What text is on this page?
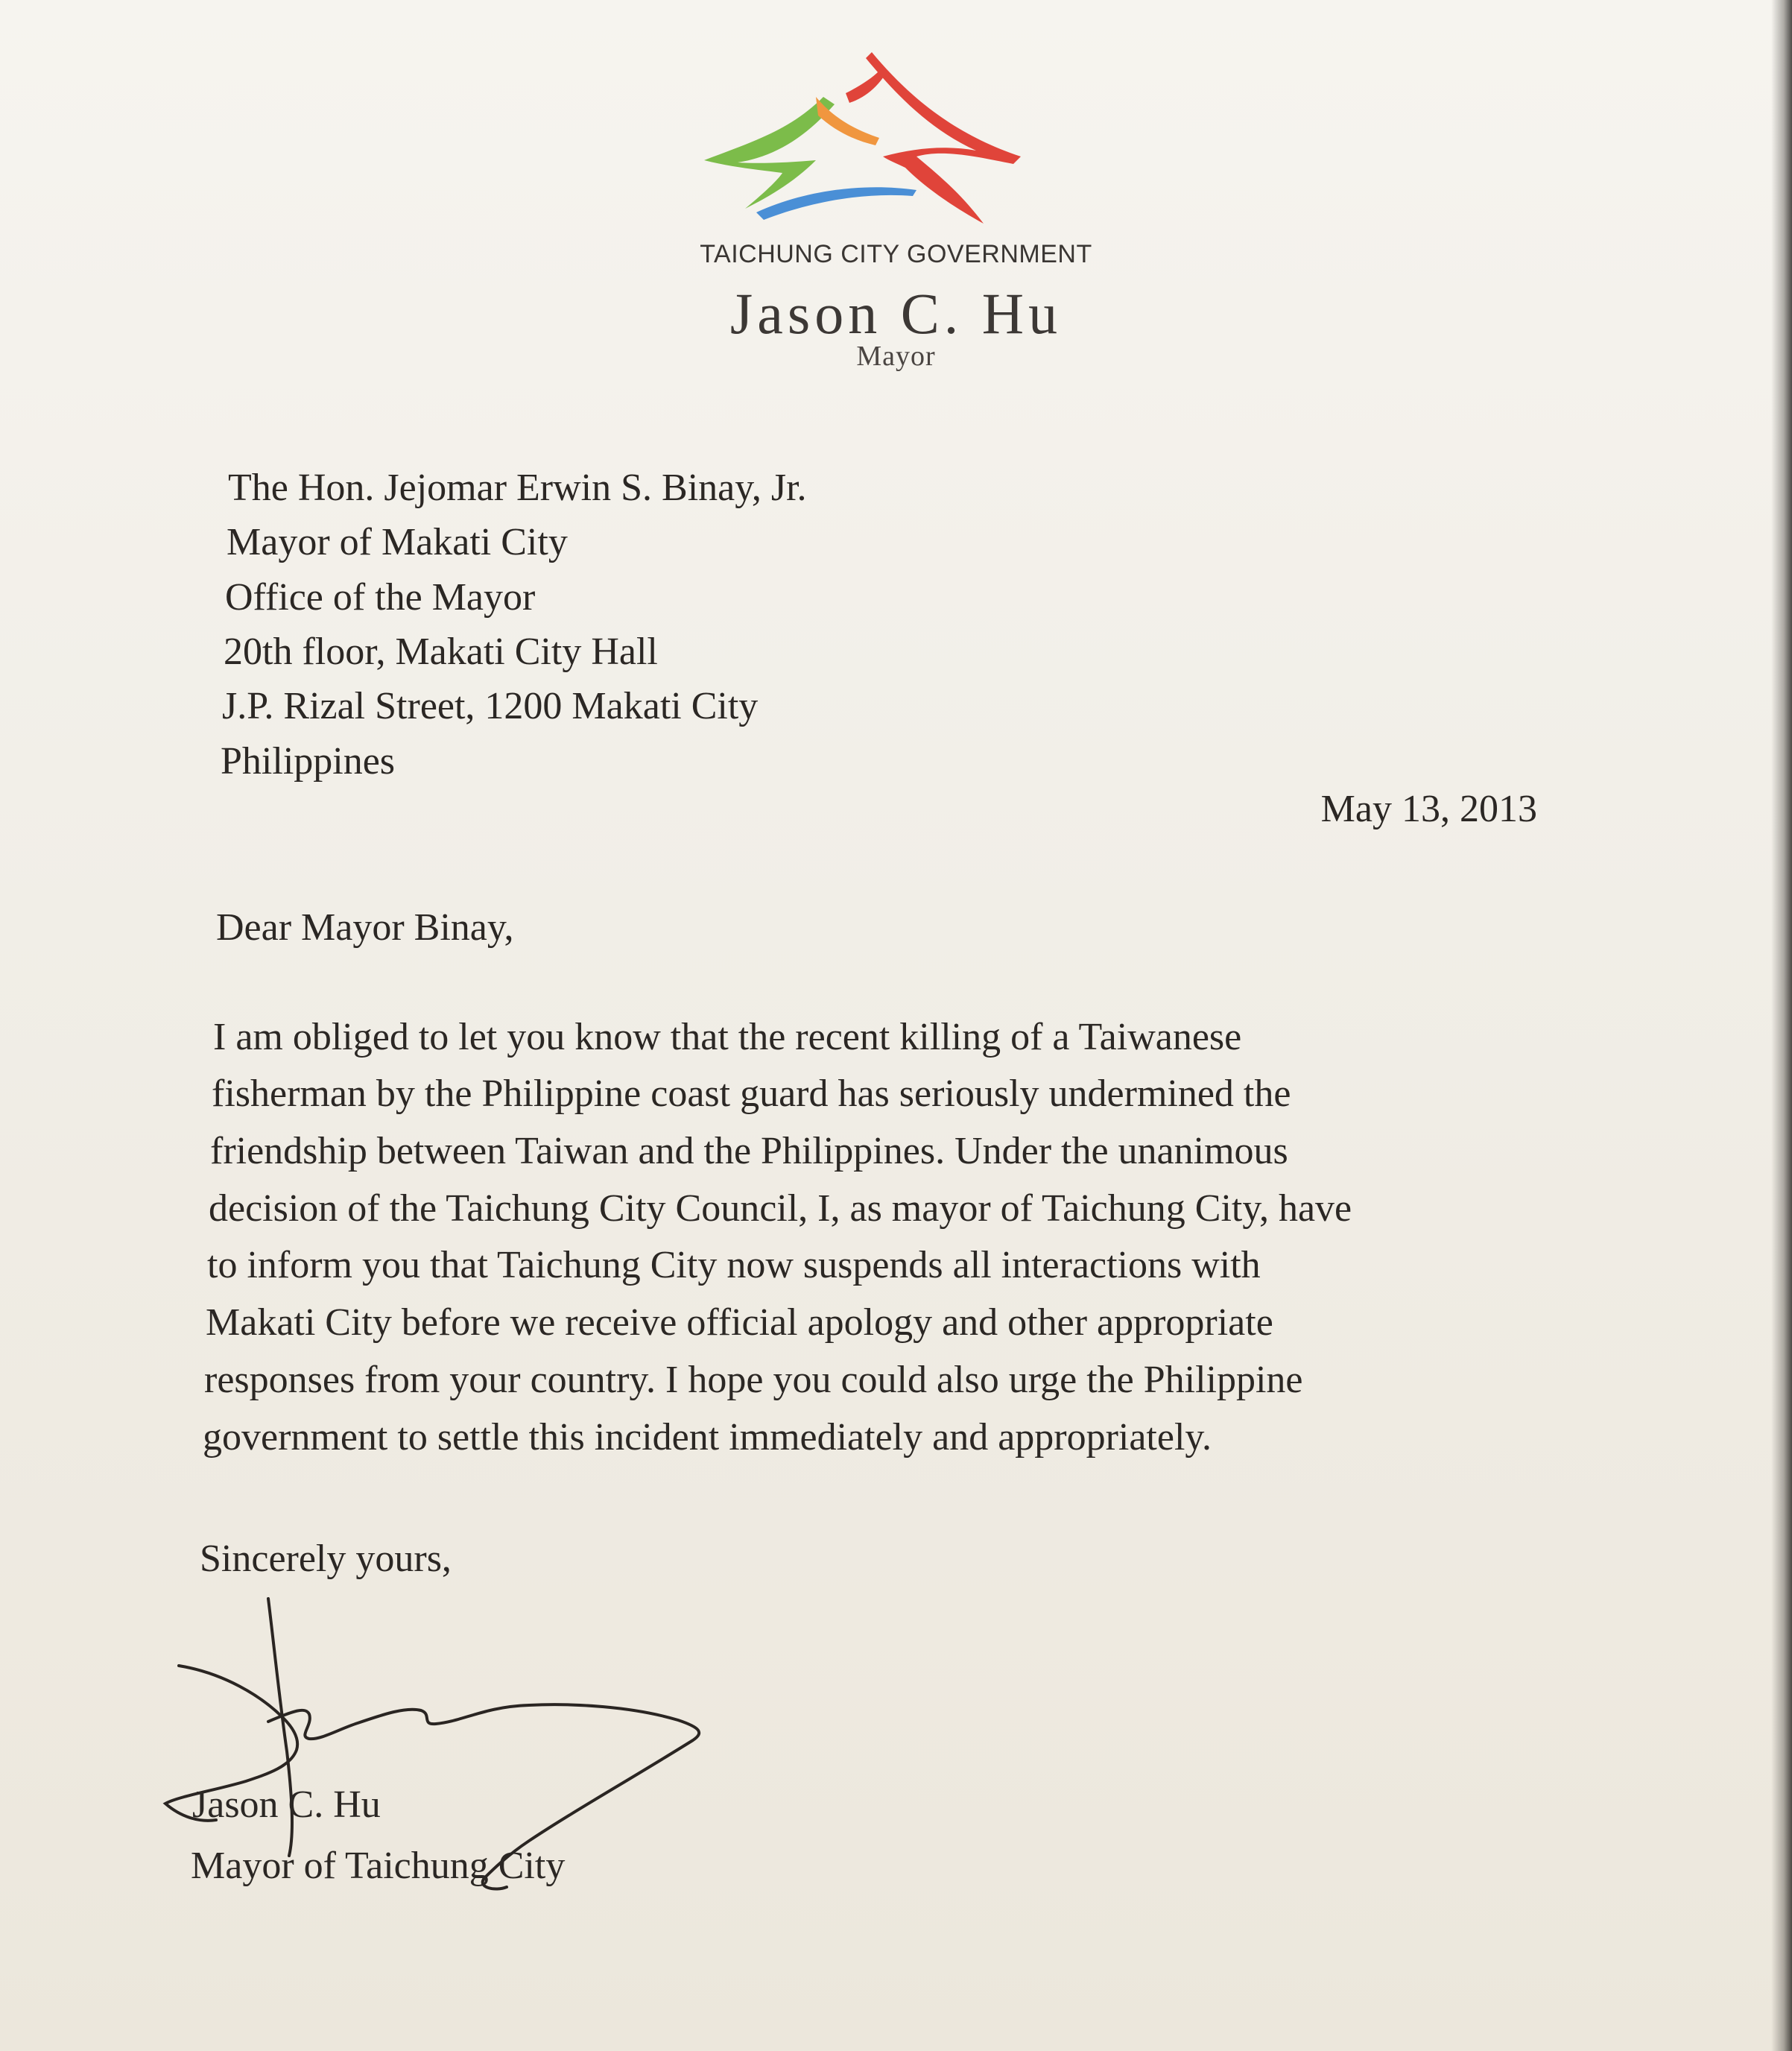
TAICHUNG CITY GOVERNMENT
Jason C. Hu
Mayor
The Hon. Jejomar Erwin S. Binay, Jr.
Mayor of Makati City
Office of the Mayor
20th floor, Makati City Hall
J.P. Rizal Street, 1200 Makati City
Philippines
May 13, 2013
Dear Mayor Binay,
I am obliged to let you know that the recent killing of a Taiwanese
fisherman by the Philippine coast guard has seriously undermined the
friendship between Taiwan and the Philippines. Under the unanimous
decision of the Taichung City Council, I, as mayor of Taichung City, have
to inform you that Taichung City now suspends all interactions with
Makati City before we receive official apology and other appropriate
responses from your country. I hope you could also urge the Philippine
government to settle this incident immediately and appropriately.
Sincerely yours,
Jason C. Hu
Mayor of Taichung City
